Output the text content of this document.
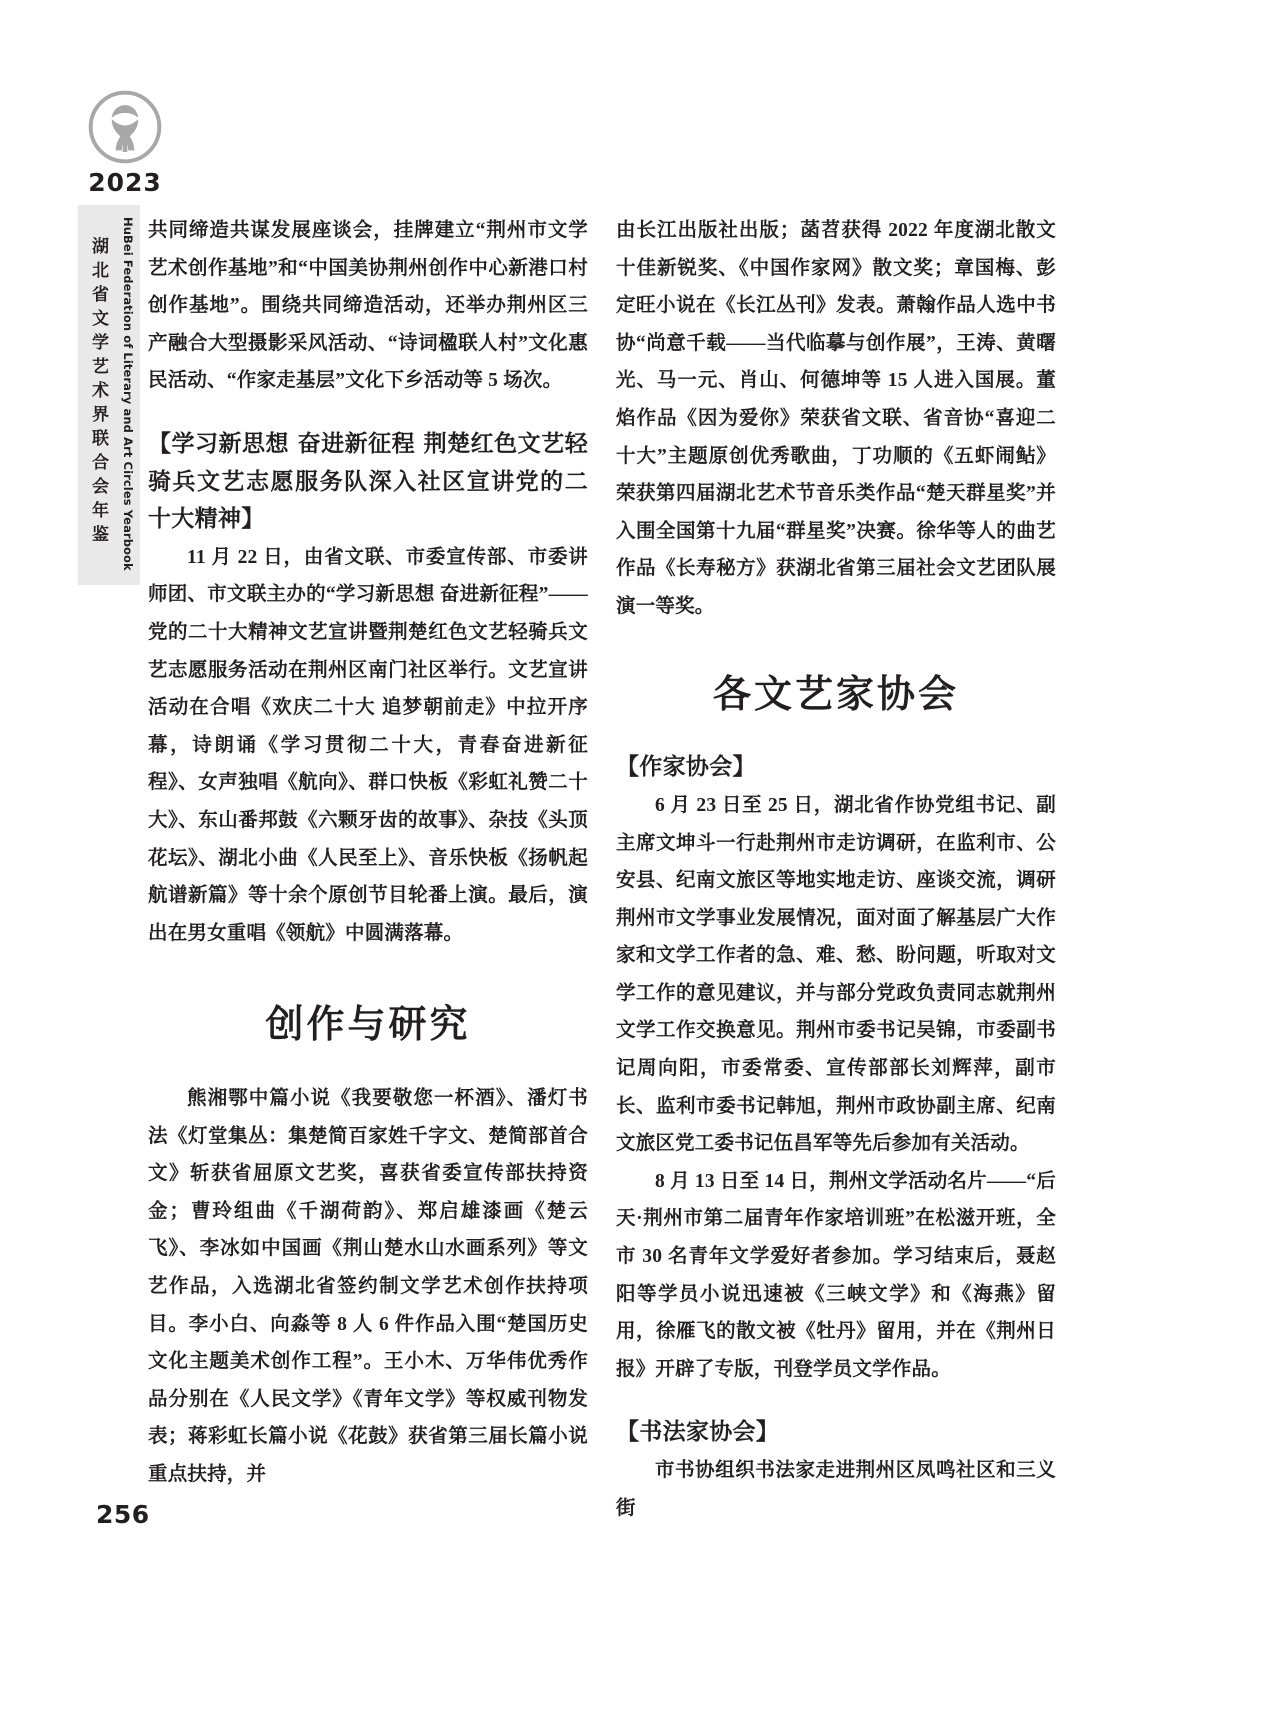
2023
湖北省文学艺术界联合会年鉴	HuBei Federation of Literary and Art Circles Yearbook 共同缔造共谋发展座谈会，挂牌建立“荆州市文学艺术创作基地”和“中国美协荆州创作中心新港口村创作基地”。围绕共同缔造活动，还举办荆州区三产融合大型摄影采风活动、“诗词楹联人村”文化惠民活动、“作家走基层”文化下乡活动等 5 场次。

【学习新思想 奋进新征程 荆楚红色文艺轻骑兵文艺志愿服务队深入社区宣讲党的二十大精神】

11 月 22 日，由省文联、市委宣传部、市委讲师团、市文联主办的“学习新思想 奋进新征程”——党的二十大精神文艺宣讲暨荆楚红色文艺轻骑兵文艺志愿服务活动在荆州区南门社区举行。文艺宣讲活动在合唱《欢庆二十大 追梦朝前走》中拉开序幕，诗朗诵《学习贯彻二十大，青春奋进新征程》、女声独唱《航向》、群口快板《彩虹礼赞二十大》、东山番邦鼓《六颗牙齿的故事》、杂技《头顶花坛》、湖北小曲《人民至上》、音乐快板《扬帆起航谱新篇》等十余个原创节目轮番上演。最后，演出在男女重唱《领航》中圆满落幕。

创作与研究

熊湘鄂中篇小说《我要敬您一杯酒》、潘灯书法《灯堂集丛：集楚简百家姓千字文、楚简部首合文》斩获省屈原文艺奖，喜获省委宣传部扶持资金；曹玲组曲《千湖荷韵》、郑启雄漆画《楚云飞》、李冰如中国画《荆山楚水山水画系列》等文艺作品，入选湖北省签约制文学艺术创作扶持项目。李小白、向淼等 8 人 6 件作品入围“楚国历史文化主题美术创作工程”。王小木、万华伟优秀作品分别在《人民文学》《青年文学》等权威刊物发表；蒋彩虹长篇小说《花鼓》获省第三届长篇小说重点扶持，并

由长江出版社出版；菡苕获得 2022 年度湖北散文十佳新锐奖、《中国作家网》散文奖；章国梅、彭定旺小说在《长江丛刊》发表。萧翰作品人选中书协“尚意千载——当代临摹与创作展”，王涛、黄曙光、马一元、肖山、何德坤等 15 人进入国展。董焰作品《因为爱你》荣获省文联、省音协“喜迎二十大”主题原创优秀歌曲，丁功顺的《五虾闹鲇》荣获第四届湖北艺术节音乐类作品“楚天群星奖”并入围全国第十九届“群星奖”决赛。徐华等人的曲艺作品《长寿秘方》获湖北省第三届社会文艺团队展演一等奖。

各文艺家协会
【作家协会】

6 月 23 日至 25 日，湖北省作协党组书记、副主席文坤斗一行赴荆州市走访调研，在监利市、公安县、纪南文旅区等地实地走访、座谈交流，调研荆州市文学事业发展情况，面对面了解基层广大作家和文学工作者的急、难、愁、盼问题，听取对文学工作的意见建议，并与部分党政负责同志就荆州文学工作交换意见。荆州市委书记吴锦，市委副书记周向阳，市委常委、宣传部部长刘辉萍，副市长、监利市委书记韩旭，荆州市政协副主席、纪南文旅区党工委书记伍昌军等先后参加有关活动。

8 月 13 日至 14 日，荆州文学活动名片——“后天·荆州市第二届青年作家培训班”在松滋开班，全市 30 名青年文学爱好者参加。学习结束后，聂赵阳等学员小说迅速被《三峡文学》和《海燕》留用，徐雁飞的散文被《牡丹》留用，并在《荆州日报》开辟了专版，刊登学员文学作品。

【书法家协会】

市书协组织书法家走进荆州区凤鸣社区和三义街

256
